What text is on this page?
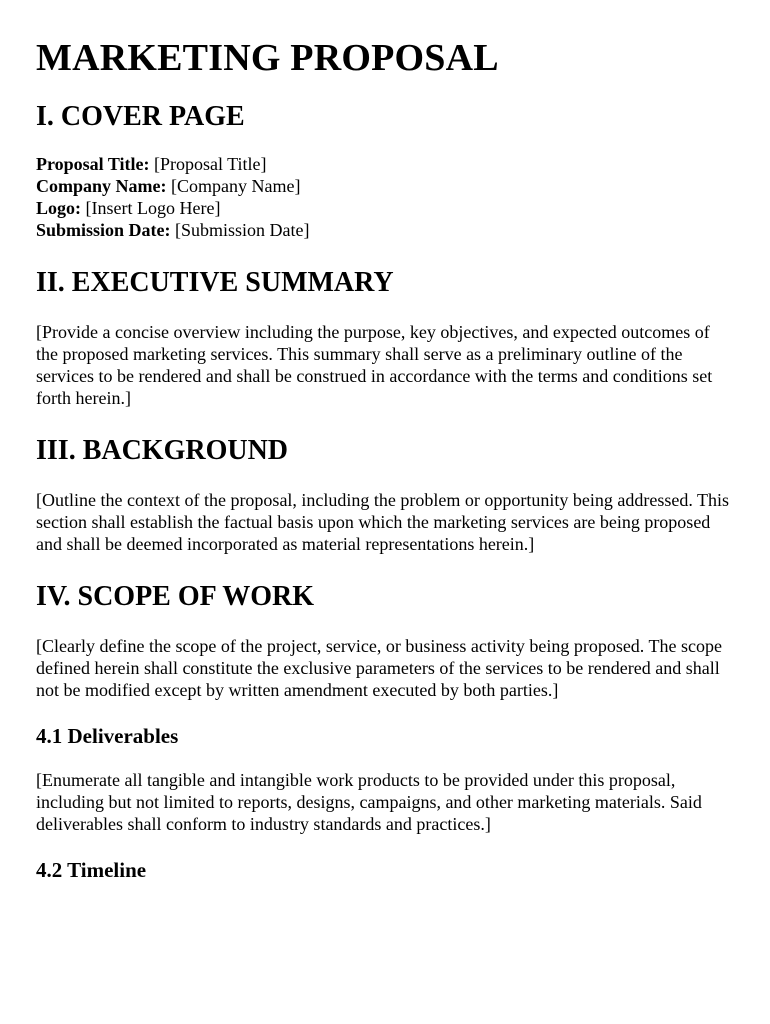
MARKETING PROPOSAL
I. COVER PAGE
Proposal Title: [Proposal Title]
Company Name: [Company Name]
Logo: [Insert Logo Here]
Submission Date: [Submission Date]
II. EXECUTIVE SUMMARY

[Provide a concise overview including the purpose, key objectives, and expected outcomes of the proposed marketing services. This summary shall serve as a preliminary outline of the services to be rendered and shall be construed in accordance with the terms and conditions set forth herein.]

III. BACKGROUND

[Outline the context of the proposal, including the problem or opportunity being addressed. This section shall establish the factual basis upon which the marketing services are being proposed and shall be deemed incorporated as material representations herein.]

IV. SCOPE OF WORK

[Clearly define the scope of the project, service, or business activity being proposed. The scope defined herein shall constitute the exclusive parameters of the services to be rendered and shall not be modified except by written amendment executed by both parties.]

4.1 Deliverables

[Enumerate all tangible and intangible work products to be provided under this proposal, including but not limited to reports, designs, campaigns, and other marketing materials. Said deliverables shall conform to industry standards and practices.]

4.2 Timeline
